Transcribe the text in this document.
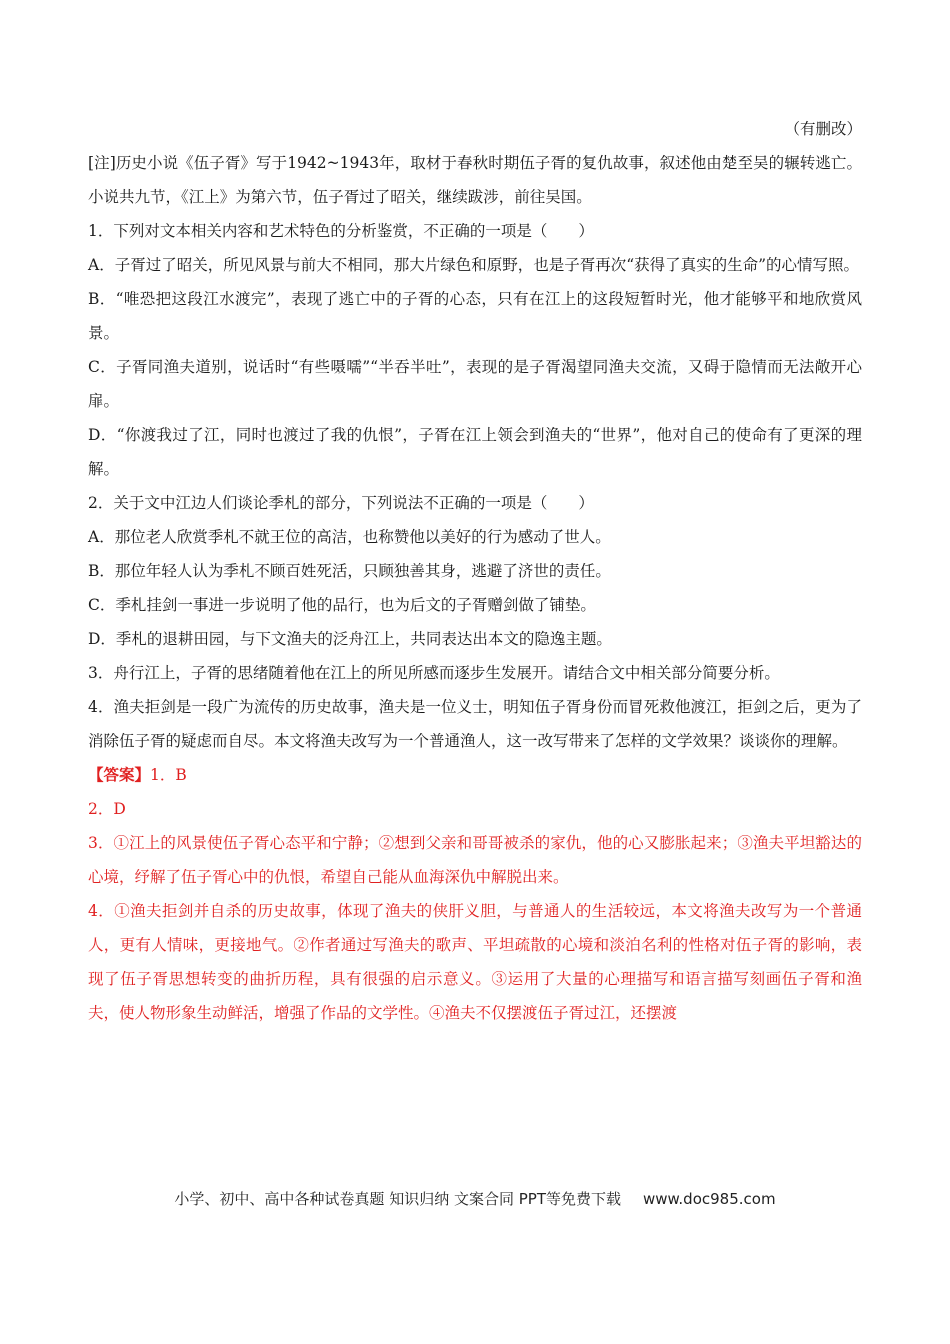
（有删改）

[注]历史小说《伍子胥》写于1942~1943年，取材于春秋时期伍子胥的复仇故事，叙述他由楚至吴的辗转逃亡。小说共九节，《江上》为第六节，伍子胥过了昭关，继续跋涉，前往吴国。

1．下列对文本相关内容和艺术特色的分析鉴赏，不正确的一项是（　　）

A．子胥过了昭关，所见风景与前大不相同，那大片绿色和原野，也是子胥再次“获得了真实的生命”的心情写照。

B．“唯恐把这段江水渡完”，表现了逃亡中的子胥的心态，只有在江上的这段短暂时光，他才能够平和地欣赏风景。

C．子胥同渔夫道别，说话时“有些嗫嚅”“半吞半吐”，表现的是子胥渴望同渔夫交流，又碍于隐情而无法敞开心扉。

D．“你渡我过了江，同时也渡过了我的仇恨”，子胥在江上领会到渔夫的“世界”，他对自己的使命有了更深的理解。

2．关于文中江边人们谈论季札的部分，下列说法不正确的一项是（　　）

A．那位老人欣赏季札不就王位的高洁，也称赞他以美好的行为感动了世人。

B．那位年轻人认为季札不顾百姓死活，只顾独善其身，逃避了济世的责任。

C．季札挂剑一事进一步说明了他的品行，也为后文的子胥赠剑做了铺垫。

D．季札的退耕田园，与下文渔夫的泛舟江上，共同表达出本文的隐逸主题。

3．舟行江上，子胥的思绪随着他在江上的所见所感而逐步生发展开。请结合文中相关部分简要分析。

4．渔夫拒剑是一段广为流传的历史故事，渔夫是一位义士，明知伍子胥身份而冒死救他渡江，拒剑之后，更为了消除伍子胥的疑虑而自尽。本文将渔夫改写为一个普通渔人，这一改写带来了怎样的文学效果？谈谈你的理解。

【答案】1．B

2．D

3．①江上的风景使伍子胥心态平和宁静；②想到父亲和哥哥被杀的家仇，他的心又膨胀起来；③渔夫平坦豁达的心境，纾解了伍子胥心中的仇恨，希望自己能从血海深仇中解脱出来。

4．①渔夫拒剑并自杀的历史故事，体现了渔夫的侠肝义胆，与普通人的生活较远，本文将渔夫改写为一个普通人，更有人情味，更接地气。②作者通过写渔夫的歌声、平坦疏散的心境和淡泊名利的性格对伍子胥的影响，表现了伍子胥思想转变的曲折历程，具有很强的启示意义。③运用了大量的心理描写和语言描写刻画伍子胥和渔夫，使人物形象生动鲜活，增强了作品的文学性。④渔夫不仅摆渡伍子胥过江，还摆渡

小学、初中、高中各种试卷真题 知识归纳 文案合同 PPT等免费下载 www.doc985.com
